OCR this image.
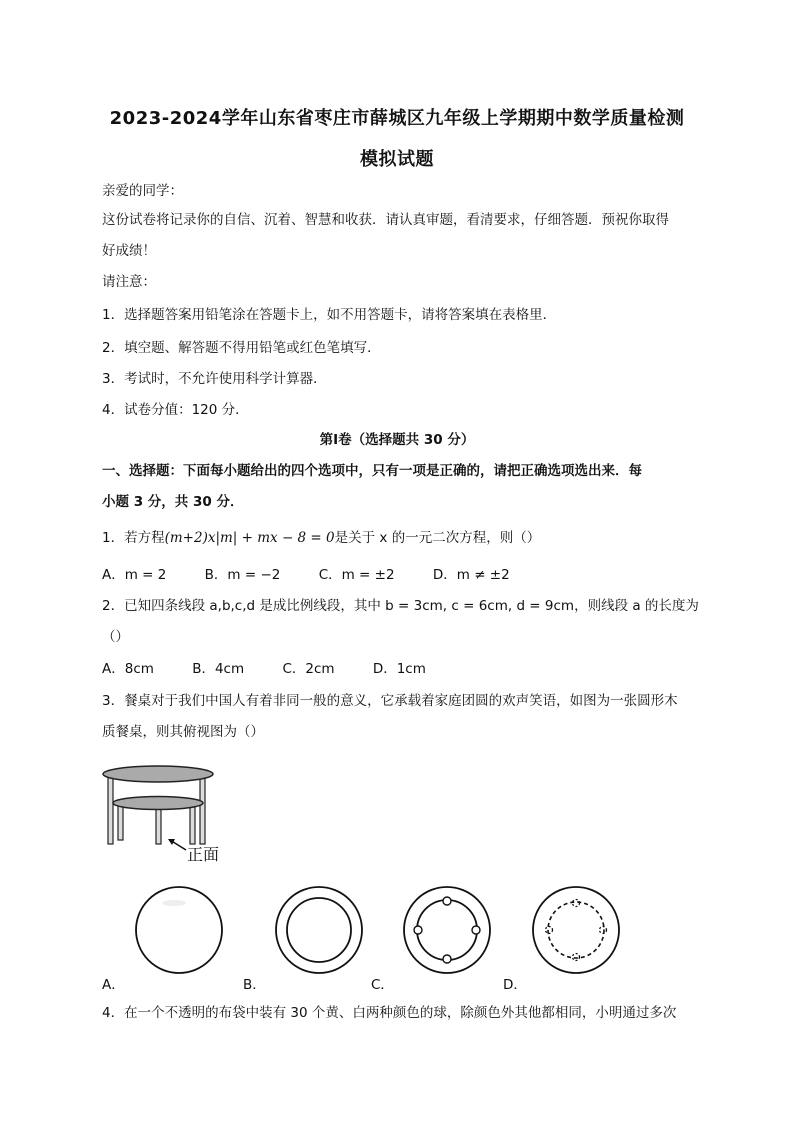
2023-2024学年山东省枣庄市薛城区九年级上学期期中数学质量检测
模拟试题
亲爱的同学：
这份试卷将记录你的自信、沉着、智慧和收获．请认真审题，看清要求，仔细答题．预祝你取得
好成绩！
请注意：
1．选择题答案用铅笔涂在答题卡上，如不用答题卡，请将答案填在表格里．
2．填空题、解答题不得用铅笔或红色笔填写．
3．考试时，不允许使用科学计算器．
4．试卷分值：120 分．
第Ⅰ卷（选择题共 30 分）
一、选择题：下面每小题给出的四个选项中，只有一项是正确的，请把正确选项选出来．每
小题 3 分，共 30 分．
1．若方程(m+2)x|m| + mx − 8 = 0是关于 x 的一元二次方程，则（）
A．m = 2	B．m = −2	C．m = ±2	D．m ≠ ±2
2．已知四条线段 a,b,c,d 是成比例线段，其中 b = 3cm, c = 6cm, d = 9cm，则线段 a 的长度为
（）
A．8cm	B．4cm	C．2cm	D．1cm
3．餐桌对于我们中国人有着非同一般的意义，它承载着家庭团圆的欢声笑语，如图为一张圆形木
质餐桌，则其俯视图为（）
正面
A．	B．	C．	D．
4．在一个不透明的布袋中装有 30 个黄、白两种颜色的球，除颜色外其他都相同，小明通过多次
